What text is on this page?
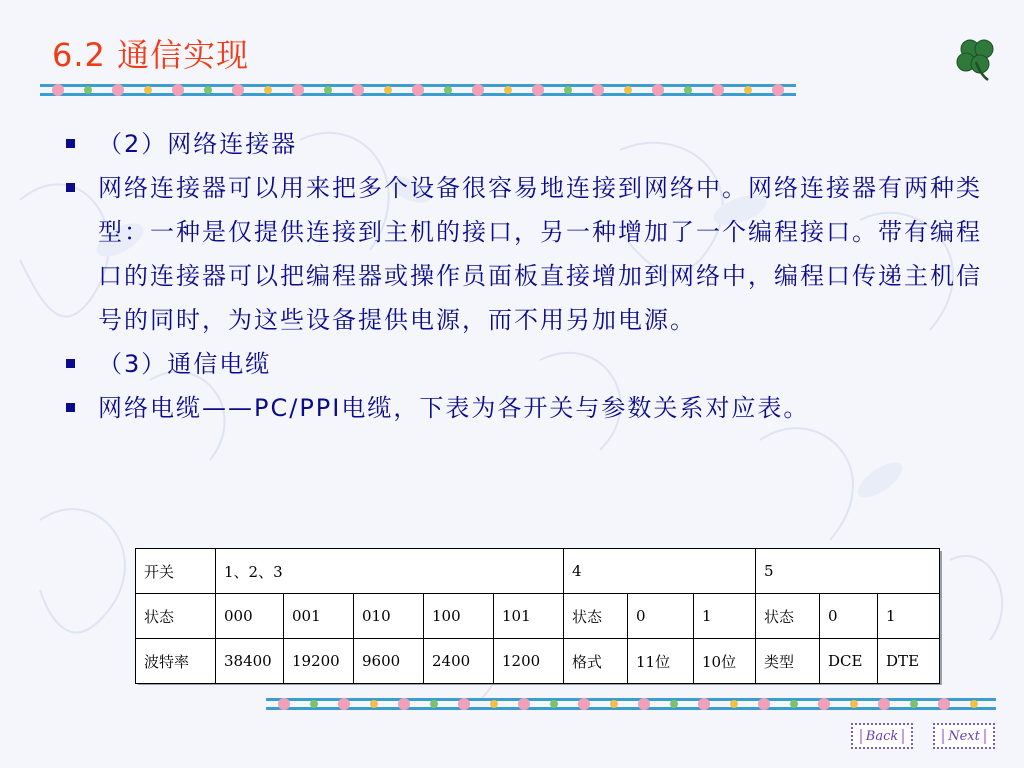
6.2 通信实现
（2）网络连接器
网络连接器可以用来把多个设备很容易地连接到网络中。网络连接器有两种类型：一种是仅提供连接到主机的接口，另一种增加了一个编程接口。带有编程口的连接器可以把编程器或操作员面板直接增加到网络中，编程口传递主机信号的同时，为这些设备提供电源，而不用另加电源。
（3）通信电缆
网络电缆——PC/PPI电缆，下表为各开关与参数关系对应表。
开关	1、2、3					4			5		
状态	000	001	010	100	101	状态	0	1	状态	0	1
波特率	38400	19200	9600	2400	1200	格式	11位	10位	类型	DCE	DTE
Back	Next
